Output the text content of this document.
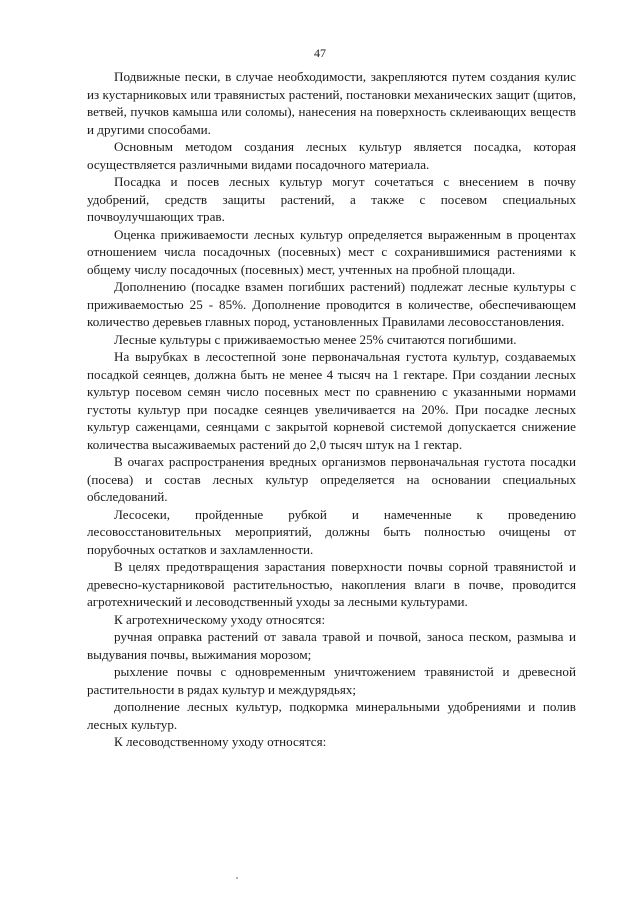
47

Подвижные пески, в случае необходимости, закрепляются путем создания кулис из кустарниковых или травянистых растений, постановки механических защит (щитов, ветвей, пучков камыша или соломы), нанесения на поверхность склеивающих веществ и другими способами.

Основным методом создания лесных культур является посадка, которая осуществляется различными видами посадочного материала.

Посадка и посев лесных культур могут сочетаться с внесением в почву удобрений, средств защиты растений, а также с посевом специальных почвоулучшающих трав.

Оценка приживаемости лесных культур определяется выраженным в процентах отношением числа посадочных (посевных) мест с сохранившимися растениями к общему числу посадочных (посевных) мест, учтенных на пробной площади.

Дополнению (посадке взамен погибших растений) подлежат лесные культуры с приживаемостью 25 - 85%. Дополнение проводится в количестве, обеспечивающем количество деревьев главных пород, установленных Правилами лесовосстановления.

Лесные культуры с приживаемостью менее 25% считаются погибшими.

На вырубках в лесостепной зоне первоначальная густота культур, создаваемых посадкой сеянцев, должна быть не менее 4 тысяч на 1 гектаре. При создании лесных культур посевом семян число посевных мест по сравнению с указанными нормами густоты культур при посадке сеянцев увеличивается на 20%. При посадке лесных культур саженцами, сеянцами с закрытой корневой системой допускается снижение количества высаживаемых растений до 2,0 тысяч штук на 1 гектар.

В очагах распространения вредных организмов первоначальная густота посадки (посева) и состав лесных культур определяется на основании специальных обследований.

Лесосеки, пройденные рубкой и намеченные к проведению лесовосстановительных мероприятий, должны быть полностью очищены от порубочных остатков и захламленности.

В целях предотвращения зарастания поверхности почвы сорной травянистой и древесно-кустарниковой растительностью, накопления влаги в почве, проводится агротехнический и лесоводственный уходы за лесными культурами.

К агротехническому уходу относятся:

ручная оправка растений от завала травой и почвой, заноса песком, размыва и выдувания почвы, выжимания морозом;

рыхление почвы с одновременным уничтожением травянистой и древесной растительности в рядах культур и междурядьях;

дополнение лесных культур, подкормка минеральными удобрениями и полив лесных культур.

К лесоводственному уходу относятся:
